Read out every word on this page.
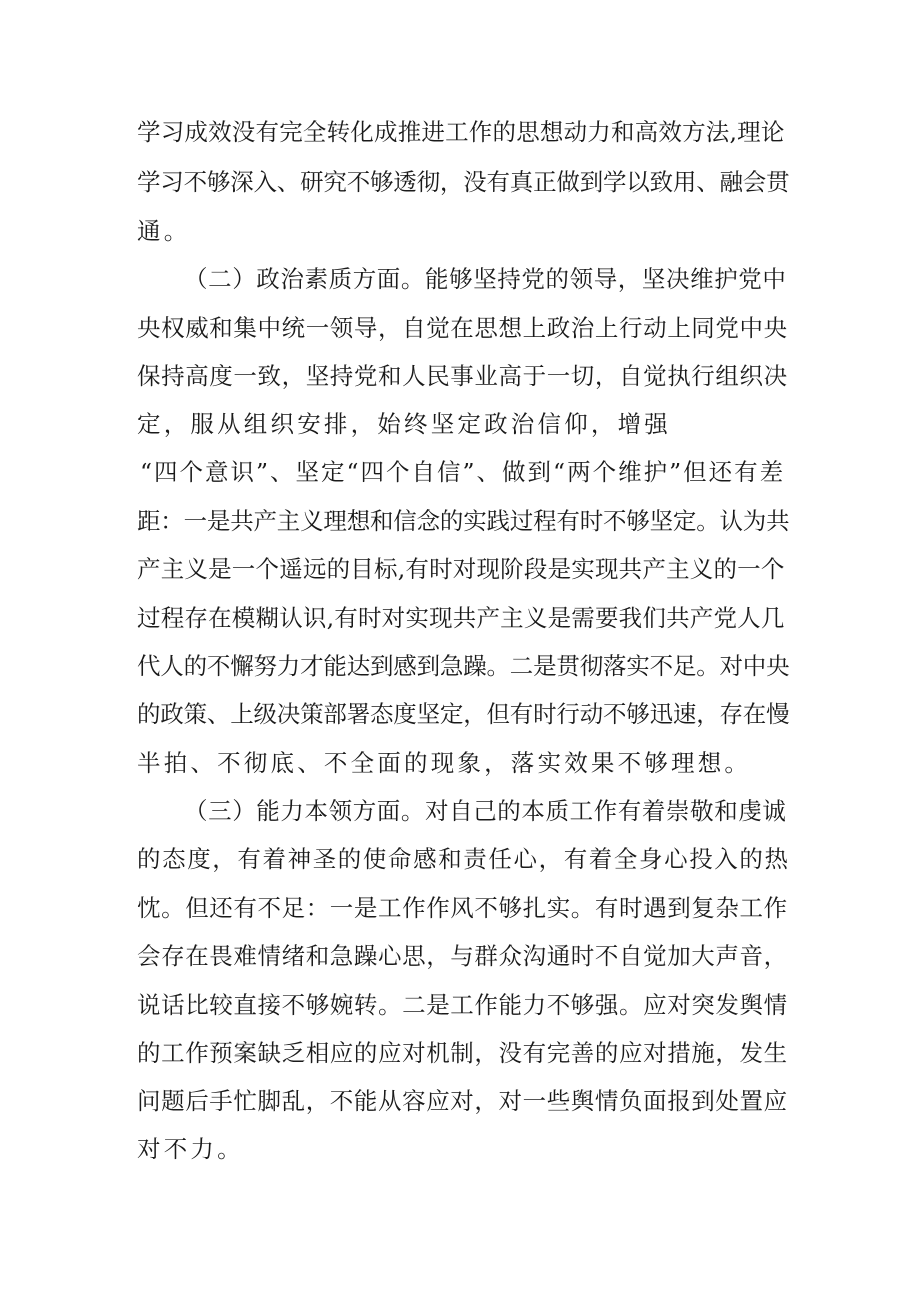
学习成效没有完全转化成推进工作的思想动力和高效方法,理论
学习不够深入、研究不够透彻，没有真正做到学以致用、融会贯
通。
（二）政治素质方面。能够坚持党的领导，坚决维护党中
央权威和集中统一领导，自觉在思想上政治上行动上同党中央
保持高度一致，坚持党和人民事业高于一切，自觉执行组织决
定，服从组织安排，始终坚定政治信仰，增强
“四个意识”、坚定“四个自信”、做到“两个维护”但还有差
距：一是共产主义理想和信念的实践过程有时不够坚定。认为共
产主义是一个遥远的目标,有时对现阶段是实现共产主义的一个
过程存在模糊认识,有时对实现共产主义是需要我们共产党人几
代人的不懈努力才能达到感到急躁。二是贯彻落实不足。对中央
的政策、上级决策部署态度坚定，但有时行动不够迅速，存在慢
半拍、不彻底、不全面的现象，落实效果不够理想。
（三）能力本领方面。对自己的本质工作有着崇敬和虔诚
的态度，有着神圣的使命感和责任心，有着全身心投入的热
忱。但还有不足：一是工作作风不够扎实。有时遇到复杂工作
会存在畏难情绪和急躁心思，与群众沟通时不自觉加大声音，
说话比较直接不够婉转。二是工作能力不够强。应对突发舆情
的工作预案缺乏相应的应对机制，没有完善的应对措施，发生
问题后手忙脚乱，不能从容应对，对一些舆情负面报到处置应
对不力。
